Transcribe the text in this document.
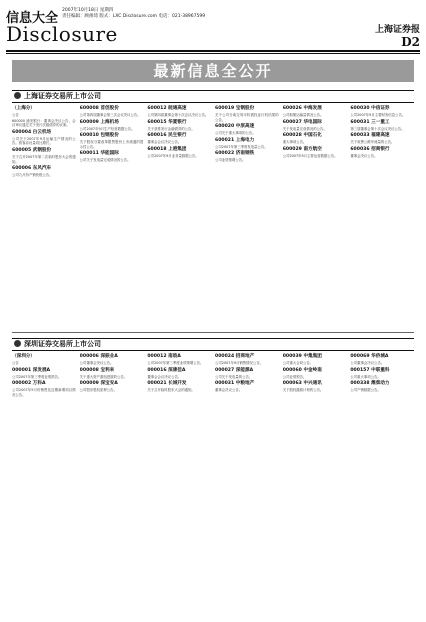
信息大全
Disclosure
2007年10月18日 星期四
责任编辑：顾俊琦 版式：LXC Disclosure.com 电话：021-38967599
上海证券报
D2
最新信息全公开
上海证券交易所上市公司
（上海分）
公告
600000 浦发银行：董事会决议公告，会议审议通过关于发行次级债券的议案。
600004 白云机场
公司关于2007年9月运输生产情况的公告。旅客吞吐量同比增长。
600005 武钢股份
关于召开2007年第二次临时股东大会的通知。
600006 东风汽车
公司九月份产销快报公告。
600008 首创股份
公司第四届董事会第三次会议决议公告。
600009 上海机场
公司2007年9月生产经营数据公告。
600010 包钢股份
关于股权分置改革限售股份上市流通的提示性公告。
600011 华能国际
公司关于发电量完成情况的公告。
600012 皖通高速
公司第四届董事会第十次会议决议公告。
600015 华夏银行
关于获准发行金融债券的公告。
600016 民生银行
董事会会议决议公告。
600018 上港集团
公司2007年9月业务量数据公告。
600019 宝钢股份
关于公司分离交易可转债权证行权结果的公告。
600020 中原高速
公司关于重大事项的公告。
600021 上海电力
公司2007年第三季度发电量公告。
600022 济南钢铁
公司业绩预增公告。
600026 中海发展
公司船舶运输量情况公告。
600027 华电国际
关于发电量完成情况的公告。
600028 中国石化
重大事项公告。
600029 南方航空
公司2007年9月主要运营数据公告。
600030 中信证券
公司2007年9月主要财务信息公告。
600031 三一重工
第三届董事会第十次会议决议公告。
600033 福建高速
关于收费公路车流量的公告。
600036 招商银行
董事会决议公告。
深圳证券交易所上市公司
（深圳分）
公告
000001 深发展A
公司2007年第三季度业绩预告。
000002 万科A
公司2007年9月份销售及近期新增项目情况公告。
000006 深振业A
公司董事会决议公告。
000008 宝利来
关于重大资产重组进展的公告。
000009 深宝安A
公司股东股权质押公告。
000012 南玻A
公司2007年第三季度业绩预增公告。
000016 深康佳A
董事会会议决议公告。
000021 长城开发
关于召开临时股东大会的通知。
000024 招商地产
公司2007年9月销售情况公告。
000027 深能源A
公司关于发电量的公告。
000031 中粮地产
董事会决议公告。
000039 中集集团
公司重大合同公告。
000060 中金岭南
公司业绩预告。
000063 中兴通讯
关于股权激励计划的公告。
000069 华侨城A
公司董事会决议公告。
000157 中联重科
公司重大事项公告。
000338 潍柴动力
公司产销数据公告。
